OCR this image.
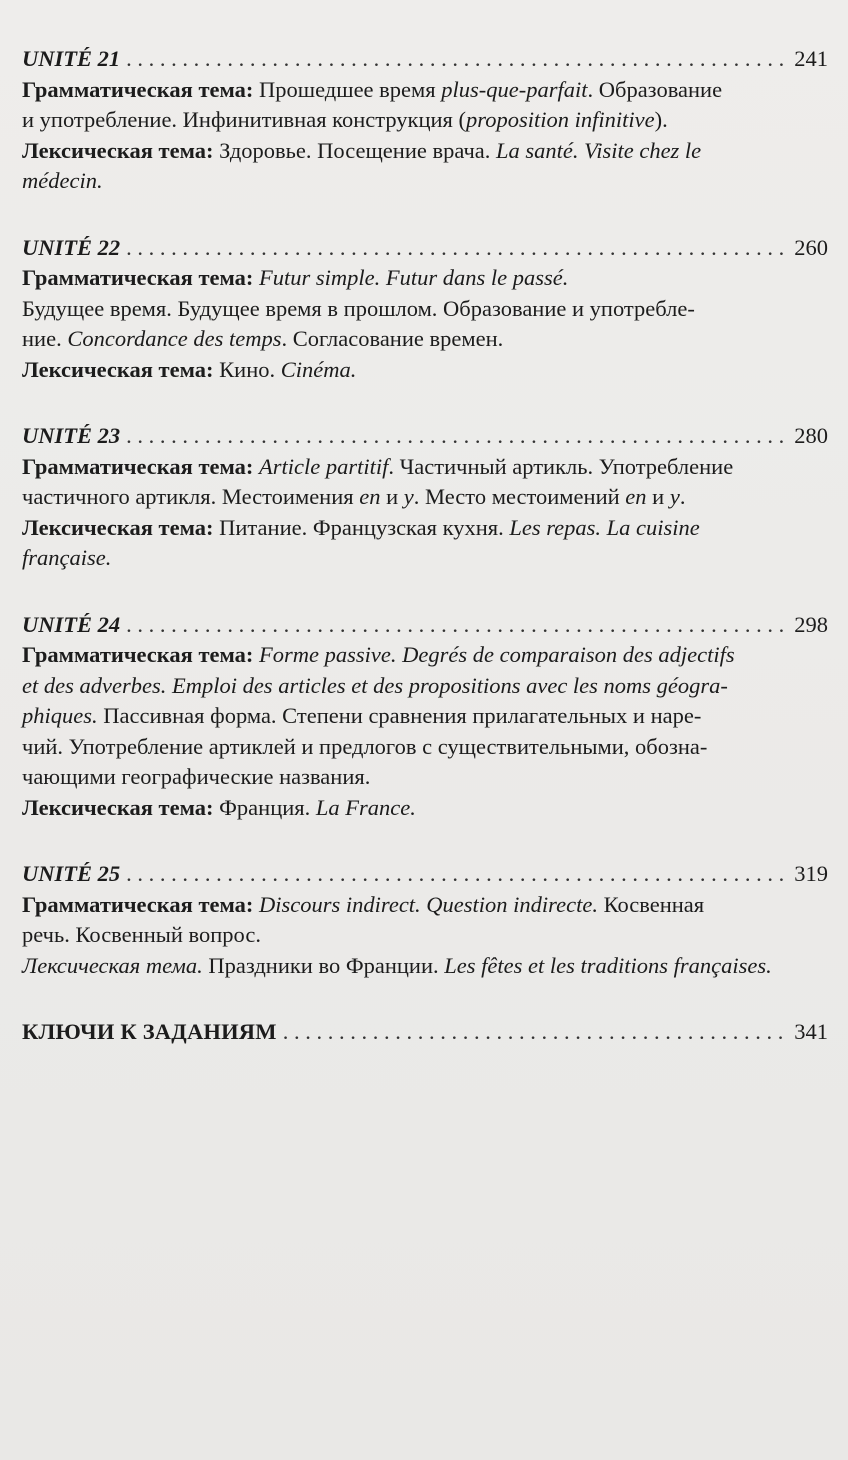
UNITÉ 21 . . .	241
Грамматическая тема: Прошедшее время plus-que-parfait. Образование
и употребление. Инфинитивная конструкция (proposition infinitive).
Лексическая тема: Здоровье. Посещение врача. La santé. Visite chez le
médecin.
UNITÉ 22 . . .	260
Грамматическая тема: Futur simple. Futur dans le passé.
Будущее время. Будущее время в прошлом. Образование и употребле-
ние. Concordance des temps. Согласование времен.
Лексическая тема: Кино. Cinéma.
UNITÉ 23 . . .	280
Грамматическая тема: Article partitif. Частичный артикль. Употребление
частичного артикля. Местоимения en и y. Место местоимений en и y.
Лексическая тема: Питание. Французская кухня. Les repas. La cuisine
française.
UNITÉ 24 . . .	298
Грамматическая тема: Forme passive. Degrés de comparaison des adjectifs
et des adverbes. Emploi des articles et des propositions avec les noms géogra-
phiques. Пассивная форма. Степени сравнения прилагательных и наре-
чий. Употребление артиклей и предлогов с существительными, обозна-
чающими географические названия.
Лексическая тема: Франция. La France.
UNITÉ 25 . . .	319
Грамматическая тема: Discours indirect. Question indirecte. Косвенная
речь. Косвенный вопрос.
Лексическая тема. Праздники во Франции. Les fêtes et les traditions françaises.
КЛЮЧИ К ЗАДАНИЯМ . . .	341
